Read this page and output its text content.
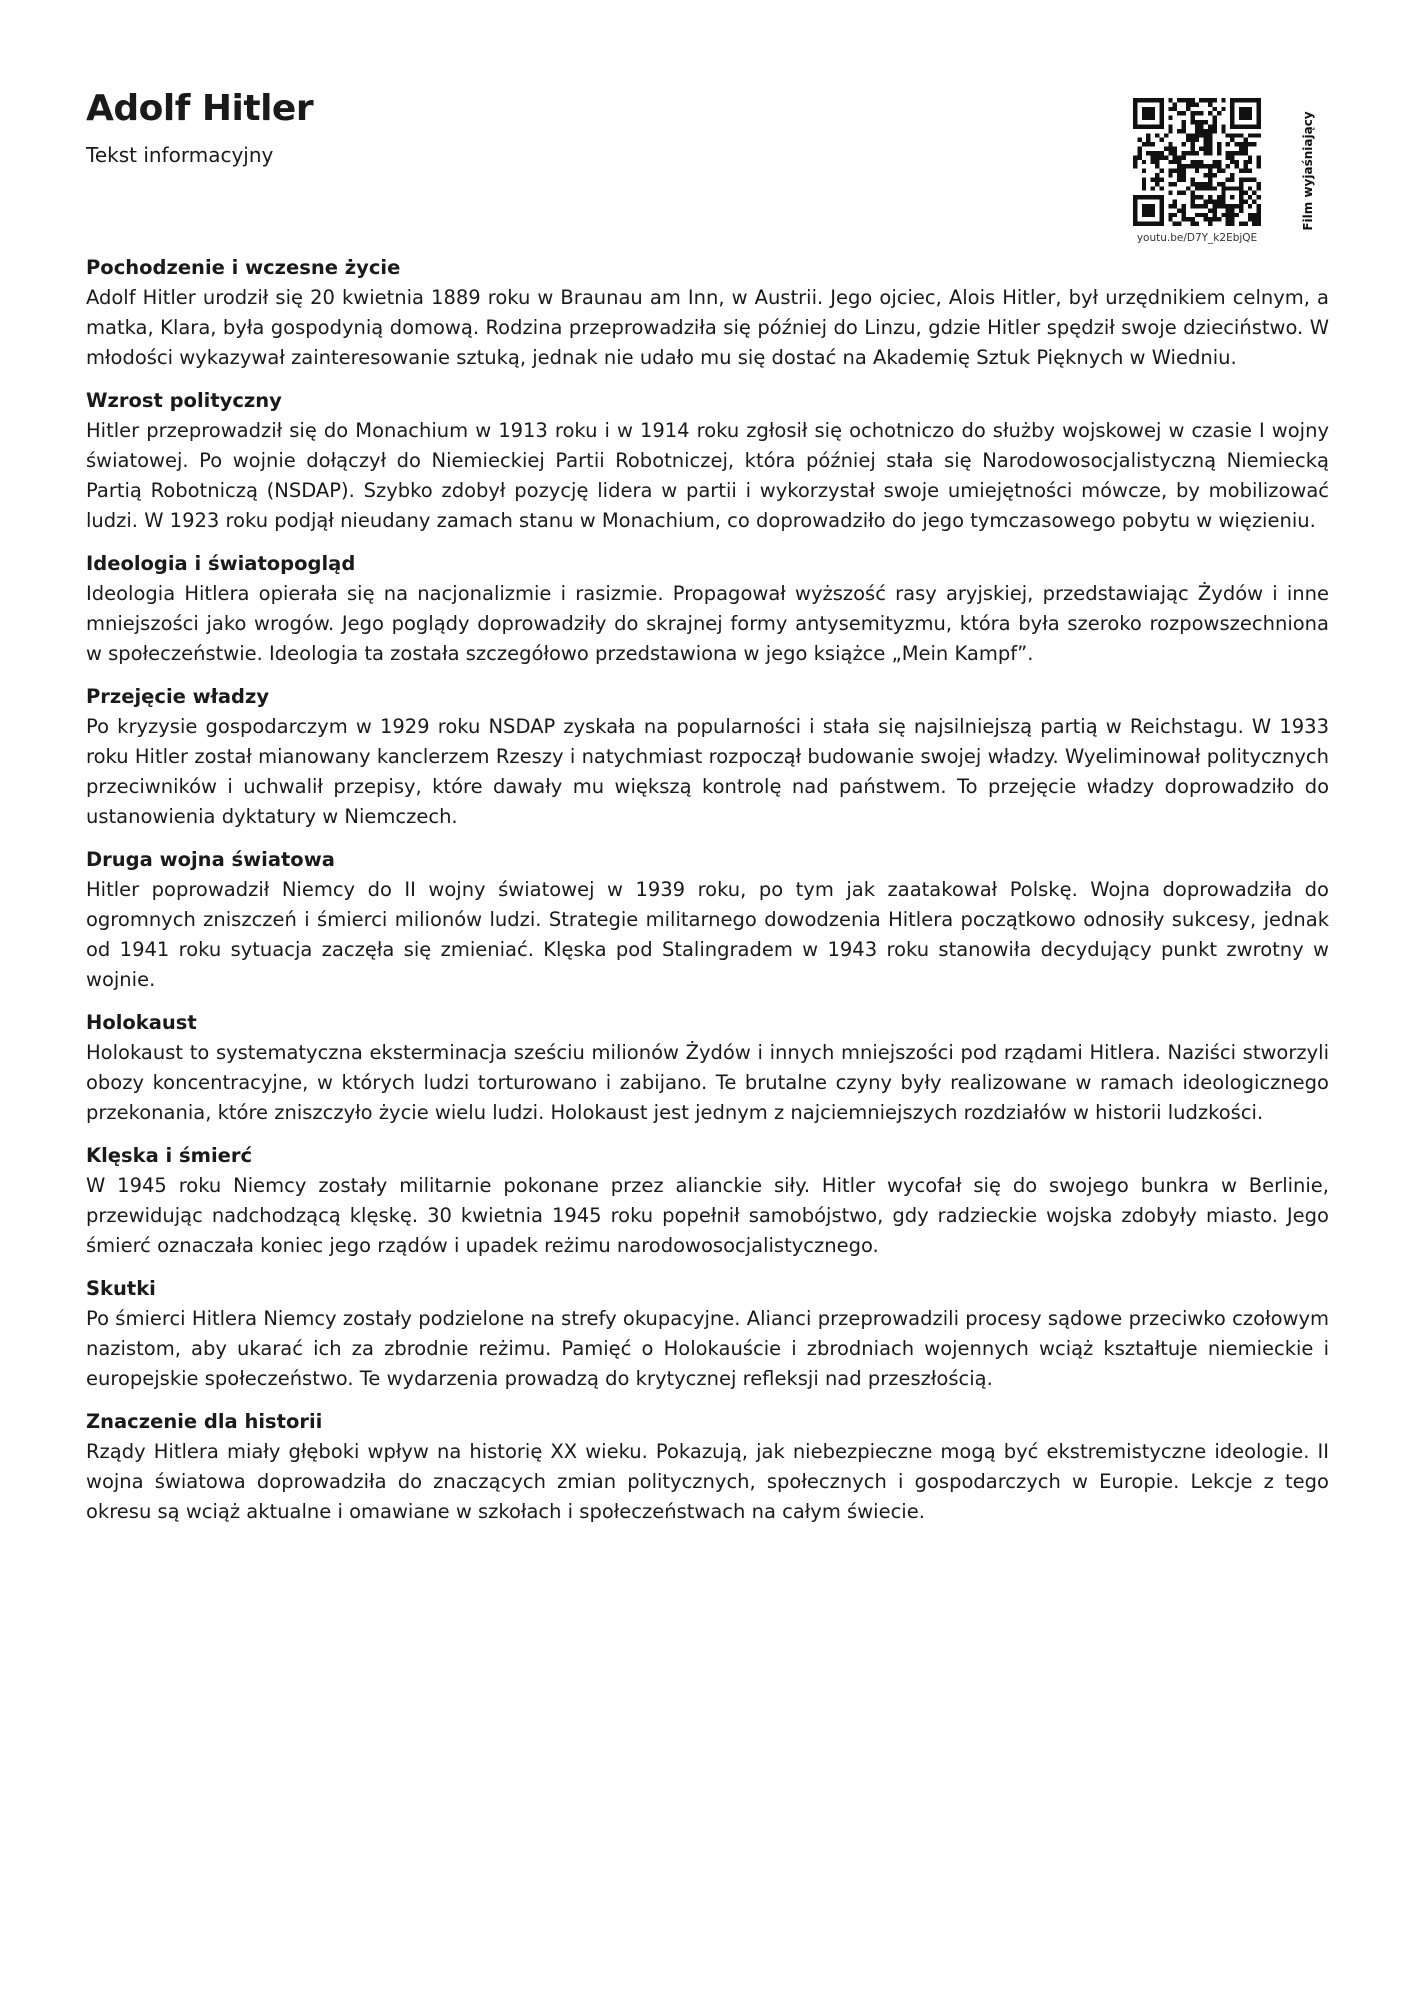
Adolf Hitler
Tekst informacyjny	Film wyjaśniający
youtu.be/D7Y_k2EbjQE
Pochodzenie i wczesne życie

Adolf Hitler urodził się 20 kwietnia 1889 roku w Braunau am Inn, w Austrii. Jego ojciec, Alois Hitler, był urzędnikiem celnym, a matka, Klara, była gospodynią domową. Rodzina przeprowadziła się później do Linzu, gdzie Hitler spędził swoje dzieciństwo. W młodości wykazywał zainteresowanie sztuką, jednak nie udało mu się dostać na Akademię Sztuk Pięknych w Wiedniu.

Wzrost polityczny

Hitler przeprowadził się do Monachium w 1913 roku i w 1914 roku zgłosił się ochotniczo do służby wojskowej w czasie I wojny światowej. Po wojnie dołączył do Niemieckiej Partii Robotniczej, która później stała się Narodowosocjalistyczną Niemiecką Partią Robotniczą (NSDAP). Szybko zdobył pozycję lidera w partii i wykorzystał swoje umiejętności mówcze, by mobilizować ludzi. W 1923 roku podjął nieudany zamach stanu w Monachium, co doprowadziło do jego tymczasowego pobytu w więzieniu.

Ideologia i światopogląd

Ideologia Hitlera opierała się na nacjonalizmie i rasizmie. Propagował wyższość rasy aryjskiej, przedstawiając Żydów i inne mniejszości jako wrogów. Jego poglądy doprowadziły do skrajnej formy antysemityzmu, która była szeroko rozpowszechniona w społeczeństwie. Ideologia ta została szczegółowo przedstawiona w jego książce „Mein Kampf”.

Przejęcie władzy

Po kryzysie gospodarczym w 1929 roku NSDAP zyskała na popularności i stała się najsilniejszą partią w Reichstagu. W 1933 roku Hitler został mianowany kanclerzem Rzeszy i natychmiast rozpoczął budowanie swojej władzy. Wyeliminował politycznych przeciwników i uchwalił przepisy, które dawały mu większą kontrolę nad państwem. To przejęcie władzy doprowadziło do ustanowienia dyktatury w Niemczech.

Druga wojna światowa

Hitler poprowadził Niemcy do II wojny światowej w 1939 roku, po tym jak zaatakował Polskę. Wojna doprowadziła do ogromnych zniszczeń i śmierci milionów ludzi. Strategie militarnego dowodzenia Hitlera początkowo odnosiły sukcesy, jednak od 1941 roku sytuacja zaczęła się zmieniać. Klęska pod Stalingradem w 1943 roku stanowiła decydujący punkt zwrotny w wojnie.

Holokaust

Holokaust to systematyczna eksterminacja sześciu milionów Żydów i innych mniejszości pod rządami Hitlera. Naziści stworzyli obozy koncentracyjne, w których ludzi torturowano i zabijano. Te brutalne czyny były realizowane w ramach ideologicznego przekonania, które zniszczyło życie wielu ludzi. Holokaust jest jednym z najciemniejszych rozdziałów w historii ludzkości.

Klęska i śmierć

W 1945 roku Niemcy zostały militarnie pokonane przez alianckie siły. Hitler wycofał się do swojego bunkra w Berlinie, przewidując nadchodzącą klęskę. 30 kwietnia 1945 roku popełnił samobójstwo, gdy radzieckie wojska zdobyły miasto. Jego śmierć oznaczała koniec jego rządów i upadek reżimu narodowosocjalistycznego.

Skutki

Po śmierci Hitlera Niemcy zostały podzielone na strefy okupacyjne. Alianci przeprowadzili procesy sądowe przeciwko czołowym nazistom, aby ukarać ich za zbrodnie reżimu. Pamięć o Holokauście i zbrodniach wojennych wciąż kształtuje niemieckie i europejskie społeczeństwo. Te wydarzenia prowadzą do krytycznej refleksji nad przeszłością.

Znaczenie dla historii

Rządy Hitlera miały głęboki wpływ na historię XX wieku. Pokazują, jak niebezpieczne mogą być ekstremistyczne ideologie. II wojna światowa doprowadziła do znaczących zmian politycznych, społecznych i gospodarczych w Europie. Lekcje z tego okresu są wciąż aktualne i omawiane w szkołach i społeczeństwach na całym świecie.
